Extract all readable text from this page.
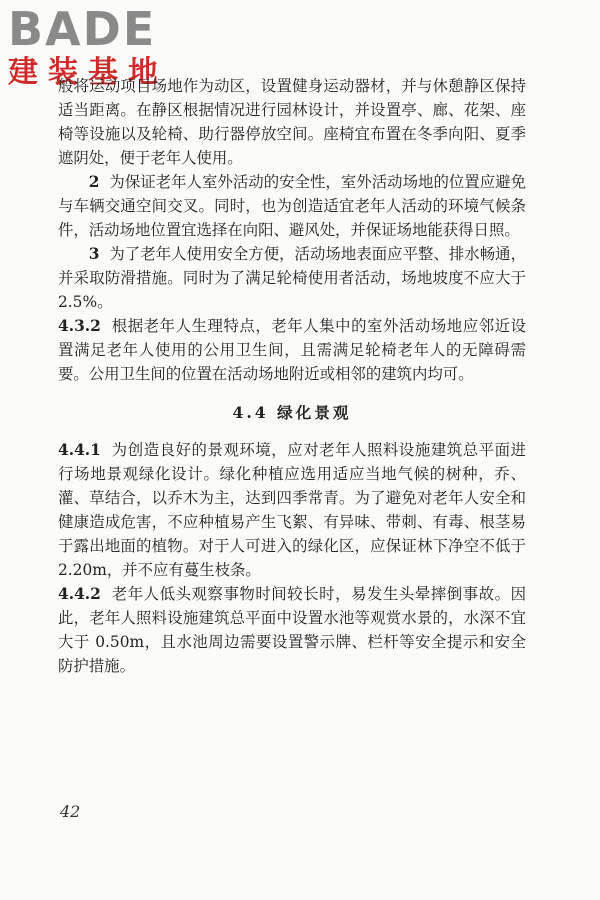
BADE
建装基地

般将运动项目场地作为动区，设置健身运动器材，并与休憩静区保持适当距离。在静区根据情况进行园林设计，并设置亭、廊、花架、座椅等设施以及轮椅、助行器停放空间。座椅宜布置在冬季向阳、夏季遮阴处，便于老年人使用。

2 为保证老年人室外活动的安全性，室外活动场地的位置应避免与车辆交通空间交叉。同时，也为创造适宜老年人活动的环境气候条件，活动场地位置宜选择在向阳、避风处，并保证场地能获得日照。

3 为了老年人使用安全方便，活动场地表面应平整、排水畅通，并采取防滑措施。同时为了满足轮椅使用者活动，场地坡度不应大于 2.5%。

4.3.2 根据老年人生理特点，老年人集中的室外活动场地应邻近设置满足老年人使用的公用卫生间，且需满足轮椅老年人的无障碍需要。公用卫生间的位置在活动场地附近或相邻的建筑内均可。

4.4 绿化景观

4.4.1 为创造良好的景观环境，应对老年人照料设施建筑总平面进行场地景观绿化设计。绿化种植应选用适应当地气候的树种，乔、灌、草结合，以乔木为主，达到四季常青。为了避免对老年人安全和健康造成危害，不应种植易产生飞絮、有异味、带刺、有毒、根茎易于露出地面的植物。对于人可进入的绿化区，应保证林下净空不低于 2.20m，并不应有蔓生枝条。

4.4.2 老年人低头观察事物时间较长时，易发生头晕摔倒事故。因此，老年人照料设施建筑总平面中设置水池等观赏水景的，水深不宜大于 0.50m，且水池周边需要设置警示牌、栏杆等安全提示和安全防护措施。

42
